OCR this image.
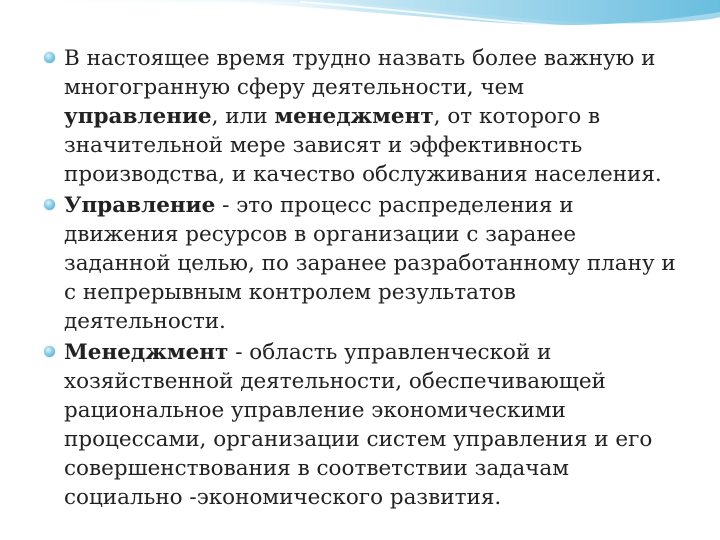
В настоящее время трудно назвать более важную и многогранную сферу деятельности, чем управление, или менеджмент, от которого в значительной мере зависят и эффективность производства, и качество обслуживания населения.
Управление - это процесс распределения и движения ресурсов в организации с заранее заданной целью, по заранее разработанному плану и с непрерывным контролем результатов деятельности.
Менеджмент - область управленческой и хозяйственной деятельности, обеспечивающей рациональное управление экономическими процессами, организации систем управления и его совершенствования в соответствии задачам социально -экономического развития.
